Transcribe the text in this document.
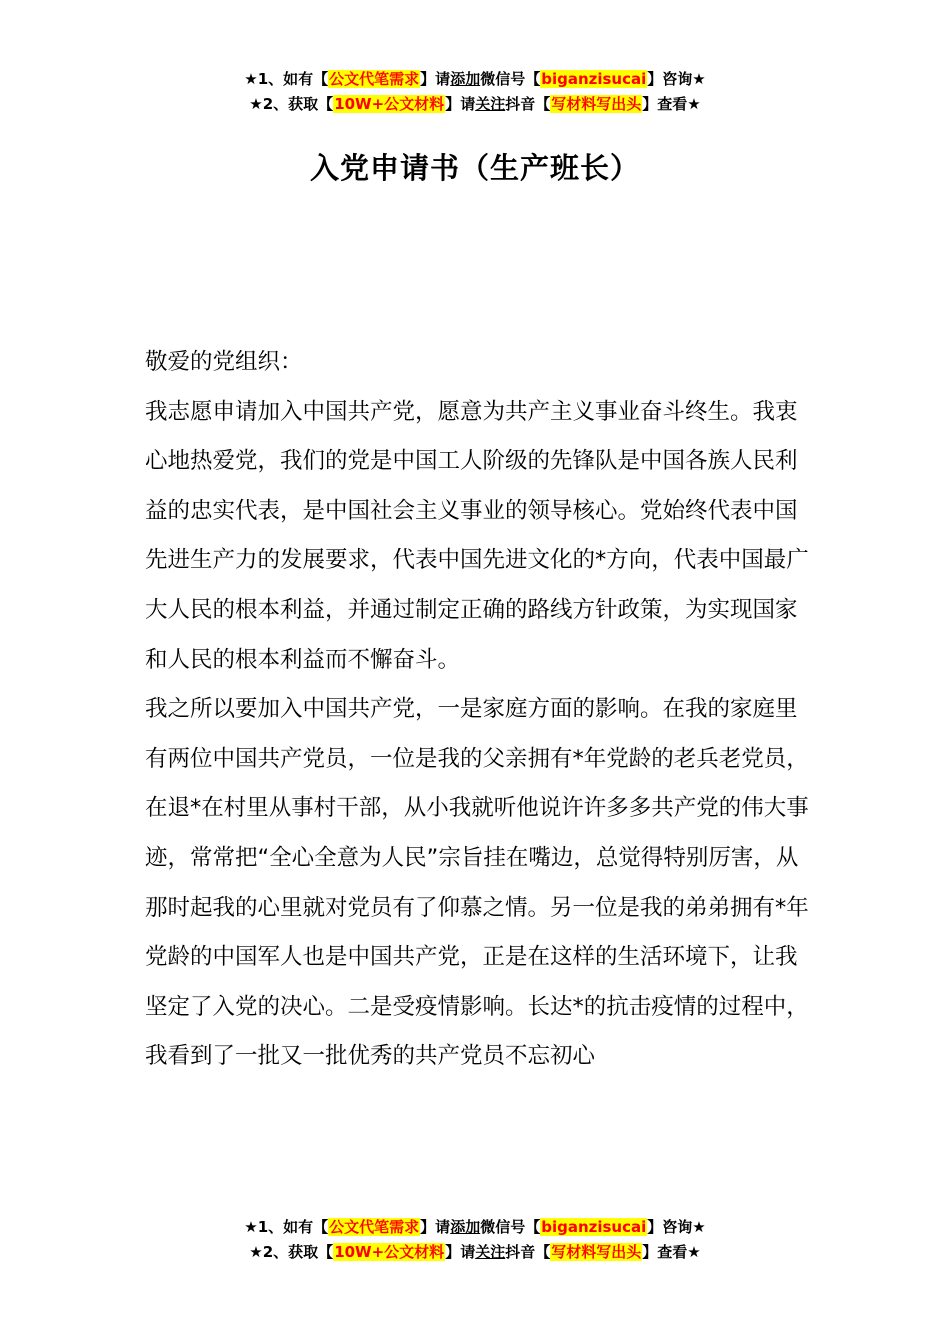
★1、如有【公文代笔需求】请添加微信号【biganzisucai】咨询★
★2、获取【10W+公文材料】请关注抖音【写材料写出头】查看★
入党申请书（生产班长）

敬爱的党组织：

我志愿申请加入中国共产党，愿意为共产主义事业奋斗终生。我衷心地热爱党，我们的党是中国工人阶级的先锋队是中国各族人民利益的忠实代表，是中国社会主义事业的领导核心。党始终代表中国先进生产力的发展要求，代表中国先进文化的*方向，代表中国最广大人民的根本利益，并通过制定正确的路线方针政策，为实现国家和人民的根本利益而不懈奋斗。

我之所以要加入中国共产党，一是家庭方面的影响。在我的家庭里有两位中国共产党员，一位是我的父亲拥有*年党龄的老兵老党员，在退*在村里从事村干部，从小我就听他说许许多多共产党的伟大事迹，常常把“全心全意为人民”宗旨挂在嘴边，总觉得特别厉害，从那时起我的心里就对党员有了仰慕之情。另一位是我的弟弟拥有*年党龄的中国军人也是中国共产党，正是在这样的生活环境下，让我坚定了入党的决心。二是受疫情影响。长达*的抗击疫情的过程中，我看到了一批又一批优秀的共产党员不忘初心

★1、如有【公文代笔需求】请添加微信号【biganzisucai】咨询★
★2、获取【10W+公文材料】请关注抖音【写材料写出头】查看★
